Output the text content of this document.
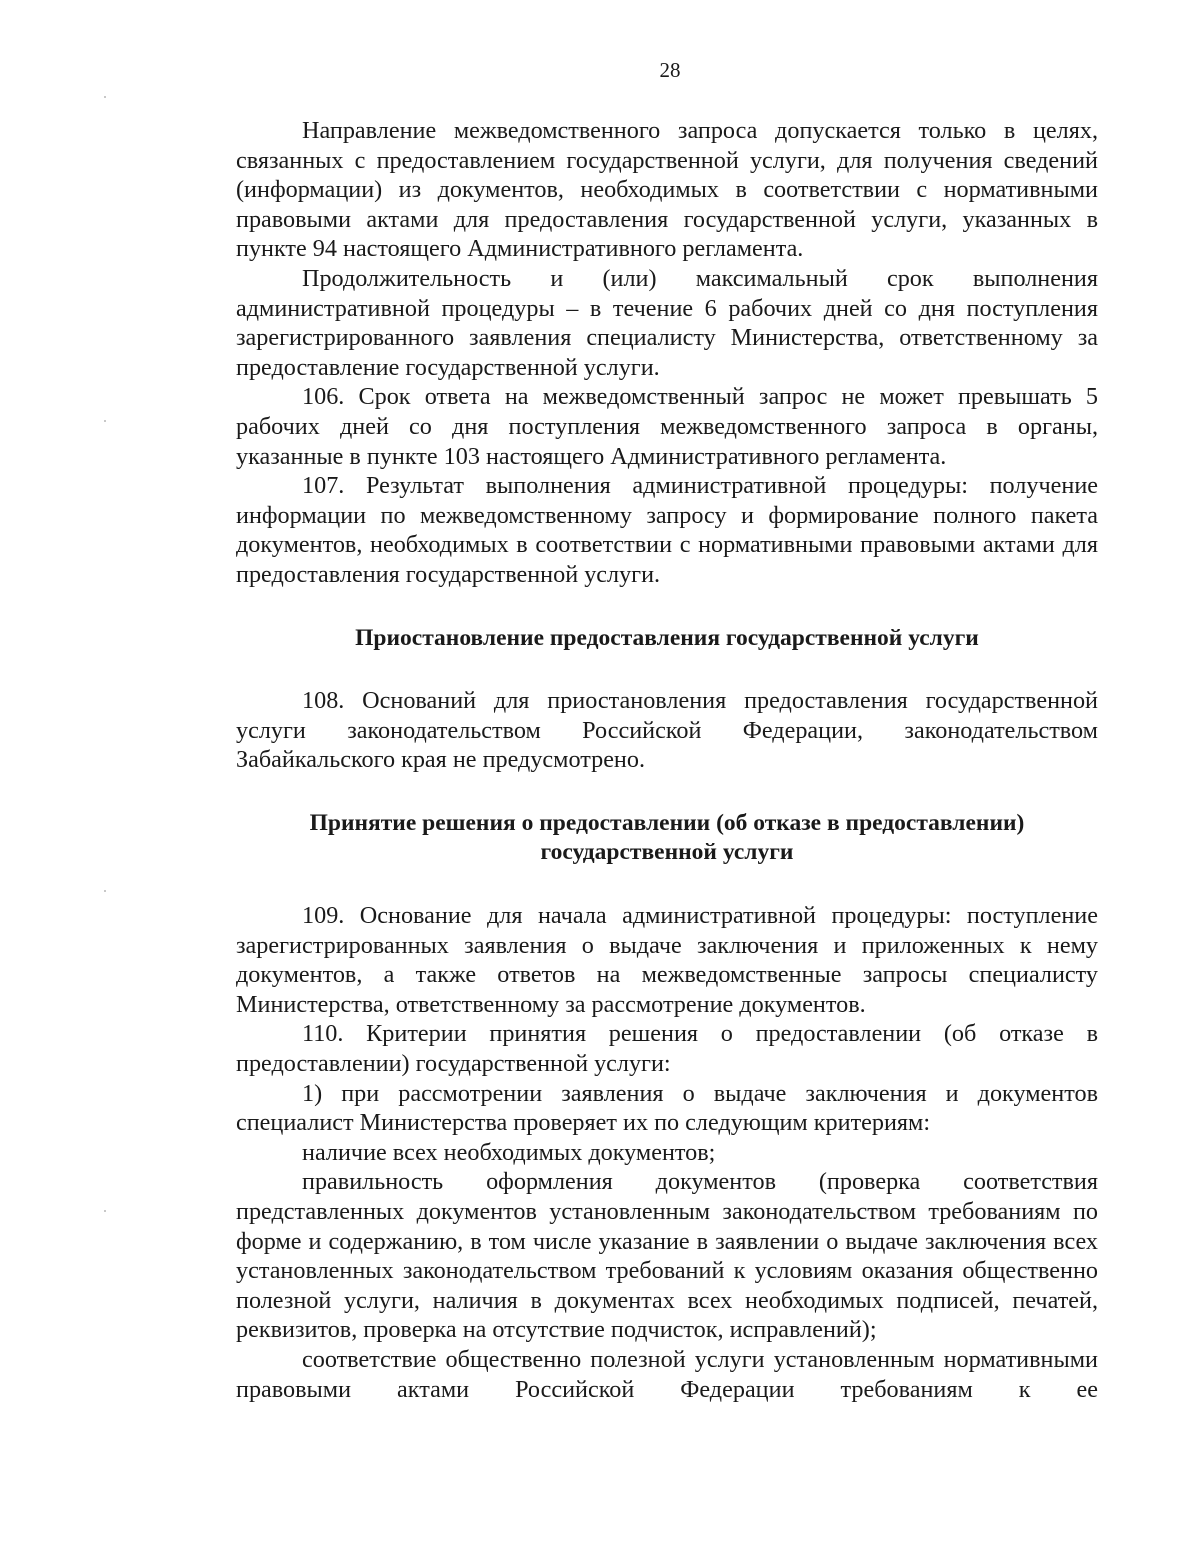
28

Направление межведомственного запроса допускается только в целях, связанных с предоставлением государственной услуги, для получения сведений (информации) из документов, необходимых в соответствии с нормативными правовыми актами для предоставления государственной услуги, указанных в пункте 94 настоящего Административного регламента.

Продолжительность и (или) максимальный срок выполнения административной процедуры – в течение 6 рабочих дней со дня поступления зарегистрированного заявления специалисту Министерства, ответственному за предоставление государственной услуги.

106. Срок ответа на межведомственный запрос не может превышать 5 рабочих дней со дня поступления межведомственного запроса в органы, указанные в пункте 103 настоящего Административного регламента.

107. Результат выполнения административной процедуры: получение информации по межведомственному запросу и формирование полного пакета документов, необходимых в соответствии с нормативными правовыми актами для предоставления государственной услуги.

Приостановление предоставления государственной услуги

108. Оснований для приостановления предоставления государственной услуги законодательством Российской Федерации, законодательством Забайкальского края не предусмотрено.

Принятие решения о предоставлении (об отказе в предоставлении)
государственной услуги

109. Основание для начала административной процедуры: поступление зарегистрированных заявления о выдаче заключения и приложенных к нему документов, а также ответов на межведомственные запросы специалисту Министерства, ответственному за рассмотрение документов.

110. Критерии принятия решения о предоставлении (об отказе в предоставлении) государственной услуги:

1) при рассмотрении заявления о выдаче заключения и документов специалист Министерства проверяет их по следующим критериям:

наличие всех необходимых документов;

правильность оформления документов (проверка соответствия представленных документов установленным законодательством требованиям по форме и содержанию, в том числе указание в заявлении о выдаче заключения всех установленных законодательством требований к условиям оказания общественно полезной услуги, наличия в документах всех необходимых подписей, печатей, реквизитов, проверка на отсутствие подчисток, исправлений);

соответствие общественно полезной услуги установленным нормативными правовыми актами Российской Федерации требованиям к ее
